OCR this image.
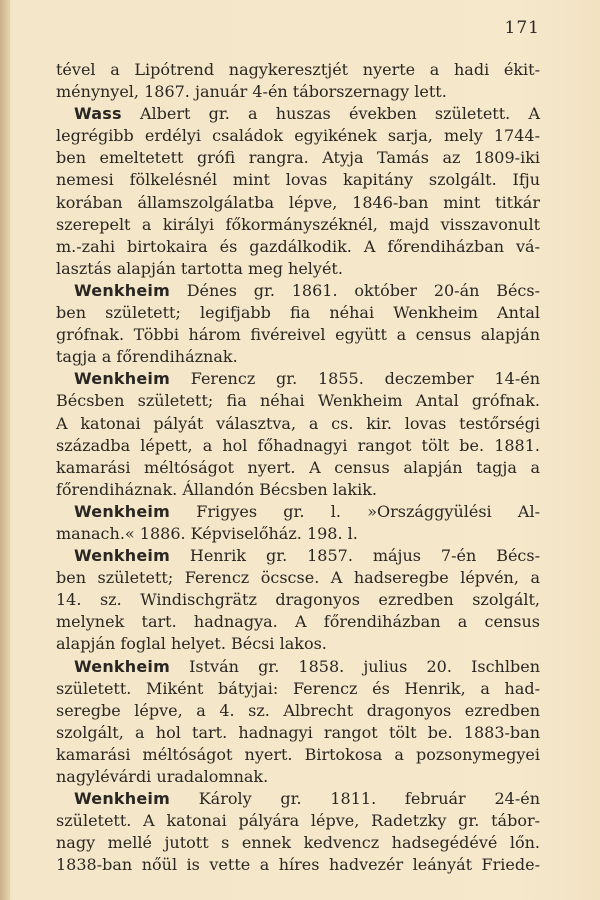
171
tével a Lipótrend nagykeresztjét nyerte a hadi ékit-
ménynyel, 1867. január 4-én táborszernagy lett.
Wass Albert gr. a huszas években született. A
legrégibb erdélyi családok egyikének sarja, mely 1744-
ben emeltetett grófi rangra. Atyja Tamás az 1809-iki
nemesi fölkelésnél mint lovas kapitány szolgált. Ifju
korában államszolgálatba lépve, 1846-ban mint titkár
szerepelt a királyi főkormányszéknél, majd visszavonult
m.-zahi birtokaira és gazdálkodik. A főrendiházban vá-
lasztás alapján tartotta meg helyét.
Wenkheim Dénes gr. 1861. október 20-án Bécs-
ben született; legifjabb fia néhai Wenkheim Antal
grófnak. Többi három fivéreivel együtt a census alapján
tagja a főrendiháznak.
Wenkheim Ferencz gr. 1855. deczember 14-én
Bécsben született; fia néhai Wenkheim Antal grófnak.
A katonai pályát választva, a cs. kir. lovas testőrségi
századba lépett, a hol főhadnagyi rangot tölt be. 1881.
kamarási méltóságot nyert. A census alapján tagja a
főrendiháznak. Állandón Bécsben lakik.
Wenkheim Frigyes gr. l. »Országgyülési Al-
manach.« 1886. Képviselőház. 198. l.
Wenkheim Henrik gr. 1857. május 7-én Bécs-
ben született; Ferencz öcscse. A hadseregbe lépvén, a
14. sz. Windischgrätz dragonyos ezredben szolgált,
melynek tart. hadnagya. A főrendiházban a census
alapján foglal helyet. Bécsi lakos.
Wenkheim István gr. 1858. julius 20. Ischlben
született. Miként bátyjai: Ferencz és Henrik, a had-
seregbe lépve, a 4. sz. Albrecht dragonyos ezredben
szolgált, a hol tart. hadnagyi rangot tölt be. 1883-ban
kamarási méltóságot nyert. Birtokosa a pozsonymegyei
nagylévárdi uradalomnak.
Wenkheim Károly gr. 1811. február 24-én
született. A katonai pályára lépve, Radetzky gr. tábor-
nagy mellé jutott s ennek kedvencz hadsegédévé lőn.
1838-ban nőül is vette a híres hadvezér leányát Friede-
